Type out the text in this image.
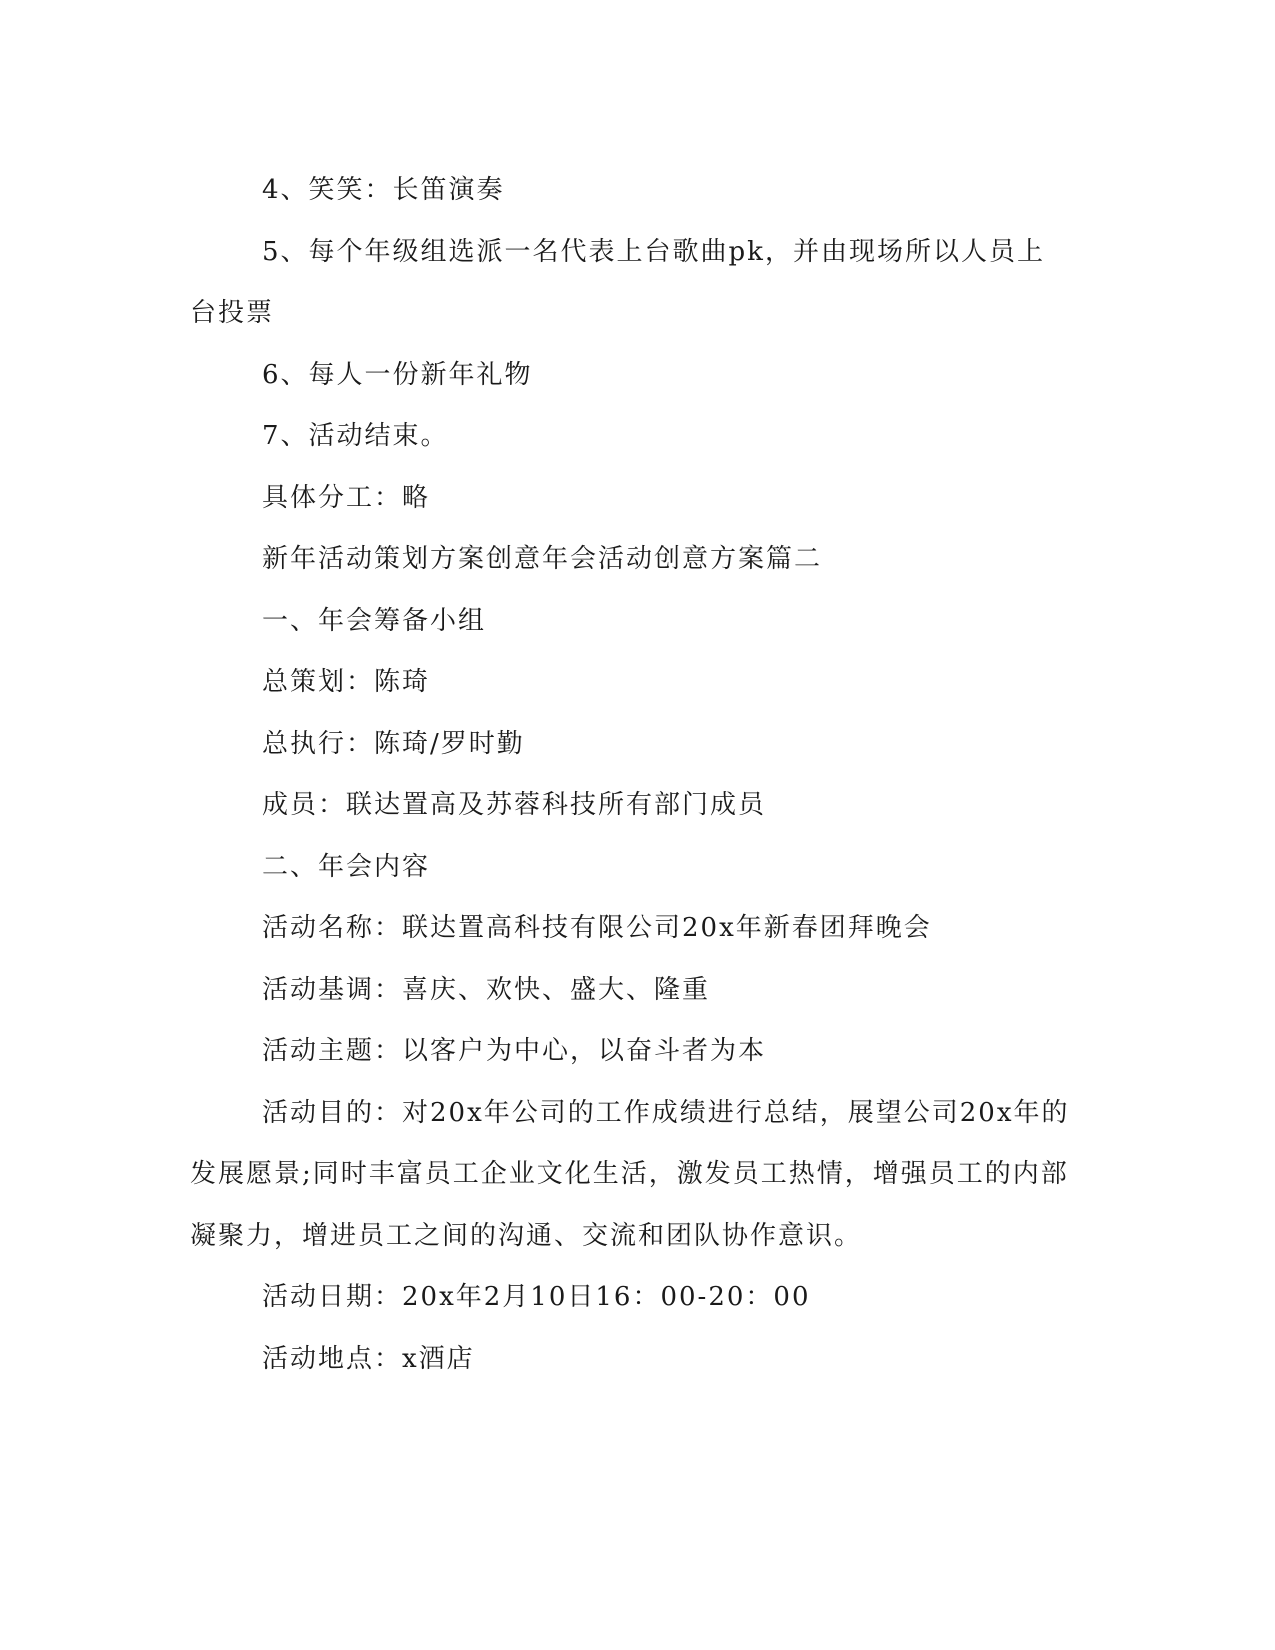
4、笑笑：长笛演奏

5、每个年级组选派一名代表上台歌曲pk，并由现场所以人员上台投票

6、每人一份新年礼物

7、活动结束。

具体分工：略

新年活动策划方案创意年会活动创意方案篇二

一、年会筹备小组

总策划：陈琦

总执行：陈琦/罗时勤

成员：联达置高及苏蓉科技所有部门成员

二、年会内容

活动名称：联达置高科技有限公司20x年新春团拜晚会

活动基调：喜庆、欢快、盛大、隆重

活动主题：以客户为中心，以奋斗者为本

活动目的：对20x年公司的工作成绩进行总结，展望公司20x年的发展愿景;同时丰富员工企业文化生活，激发员工热情，增强员工的内部凝聚力，增进员工之间的沟通、交流和团队协作意识。

活动日期：20x年2月10日16：00-20：00

活动地点：x酒店
